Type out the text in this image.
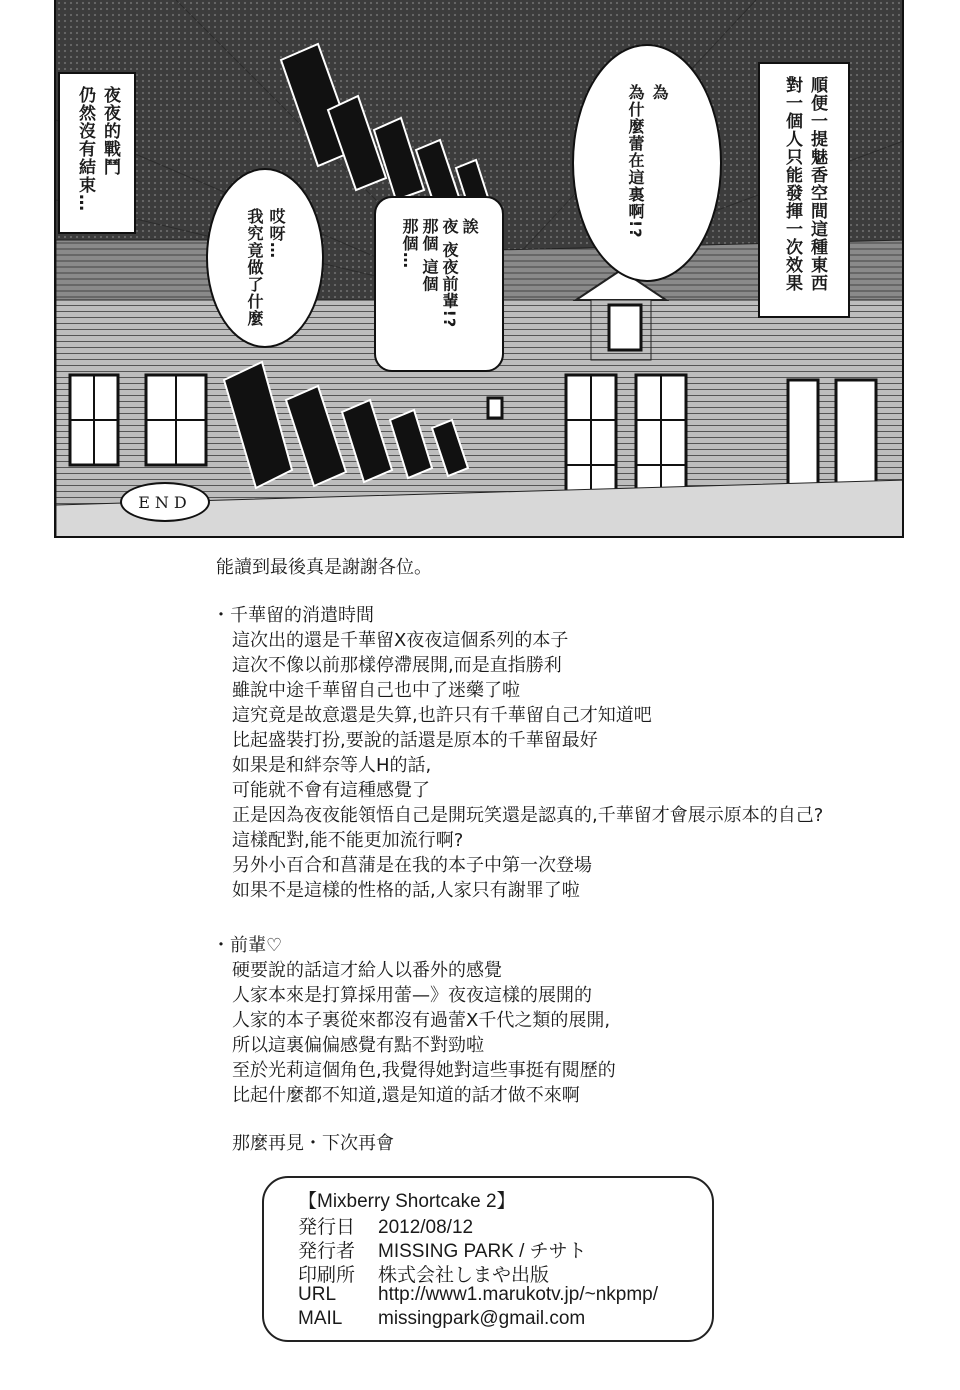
夜夜的戰鬥
仍然沒有結束…	順便一提魅香空間這種東西
對一個人只能發揮一次效果
哎呀…
我究竟做了什麼	誒
夜 夜夜前輩!?
那個 這個
那個…
為
為什麼蕾在這裏啊!?
END
能讀到最後真是謝謝各位。
・千華留的消遣時間
這次出的還是千華留X夜夜這個系列的本子
這次不像以前那樣停滯展開,而是直指勝利
雖說中途千華留自己也中了迷藥了啦
這究竟是故意還是失算,也許只有千華留自己才知道吧
比起盛裝打扮,要說的話還是原本的千華留最好
如果是和絆奈等人H的話,
可能就不會有這種感覺了
正是因為夜夜能領悟自己是開玩笑還是認真的,千華留才會展示原本的自己?
這樣配對,能不能更加流行啊?
另外小百合和菖蒲是在我的本子中第一次登場
如果不是這樣的性格的話,人家只有謝罪了啦
・前輩♡
硬要說的話這才給人以番外的感覺
人家本來是打算採用蕾—》夜夜這樣的展開的
人家的本子裏從來都沒有過蕾X千代之類的展開,
所以這裏偏偏感覺有點不對勁啦
至於光莉這個角色,我覺得她對這些事挺有閱歷的
比起什麼都不知道,還是知道的話才做不來啊
那麼再見・下次再會
【Mixberry Shortcake 2】
発行日 2012/08/12
発行者 MISSING PARK / チサト
印刷所 株式会社しまや出版
URL http://www1.marukotv.jp/~nkpmp/
MAIL missingpark@gmail.com
